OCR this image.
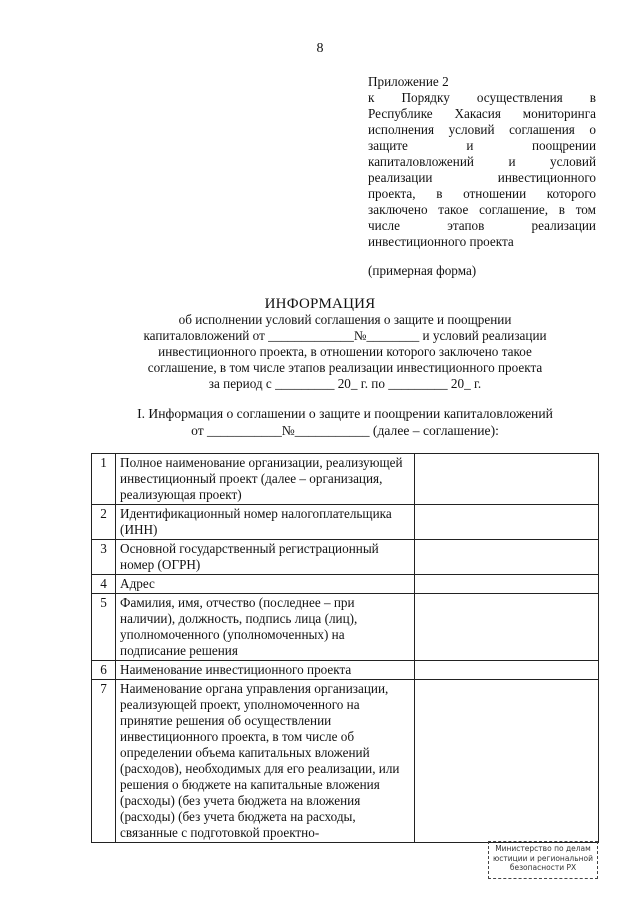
8
Приложение 2
к Порядку осуществления в
Республике Хакасия мониторинга
исполнения условий соглашения о
защите и поощрении
капиталовложений и условий
реализации инвестиционного
проекта, в отношении которого
заключено такое соглашение, в том
числе этапов реализации
инвестиционного проекта
(примерная форма)
ИНФОРМАЦИЯ
об исполнении условий соглашения о защите и поощрении
капиталовложений от _____________№________ и условий реализации
инвестиционного проекта, в отношении которого заключено такое
соглашение, в том числе этапов реализации инвестиционного проекта
за период с _________ 20_ г. по _________ 20_ г.
I. Информация о соглашении о защите и поощрении капиталовложений
от ___________№___________ (далее – соглашение):
1	Полное наименование организации, реализующей инвестиционный проект (далее – организация, реализующая проект)	
2	Идентификационный номер налогоплательщика (ИНН)	
3	Основной государственный регистрационный номер (ОГРН)	
4	Адрес	
5	Фамилия, имя, отчество (последнее – при наличии), должность, подпись лица (лиц), уполномоченного (уполномоченных) на подписание решения	
6	Наименование инвестиционного проекта	
7	Наименование органа управления организации, реализующей проект, уполномоченного на принятие решения об осуществлении инвестиционного проекта, в том числе об определении объема капитальных вложений (расходов), необходимых для его реализации, или решения о бюджете на капитальные вложения (расходы) (без учета бюджета на вложения (расходы) (без учета бюджета на расходы, связанные с подготовкой проектно-	
Министерство по делам
юстиции и региональной
безопасности РХ
